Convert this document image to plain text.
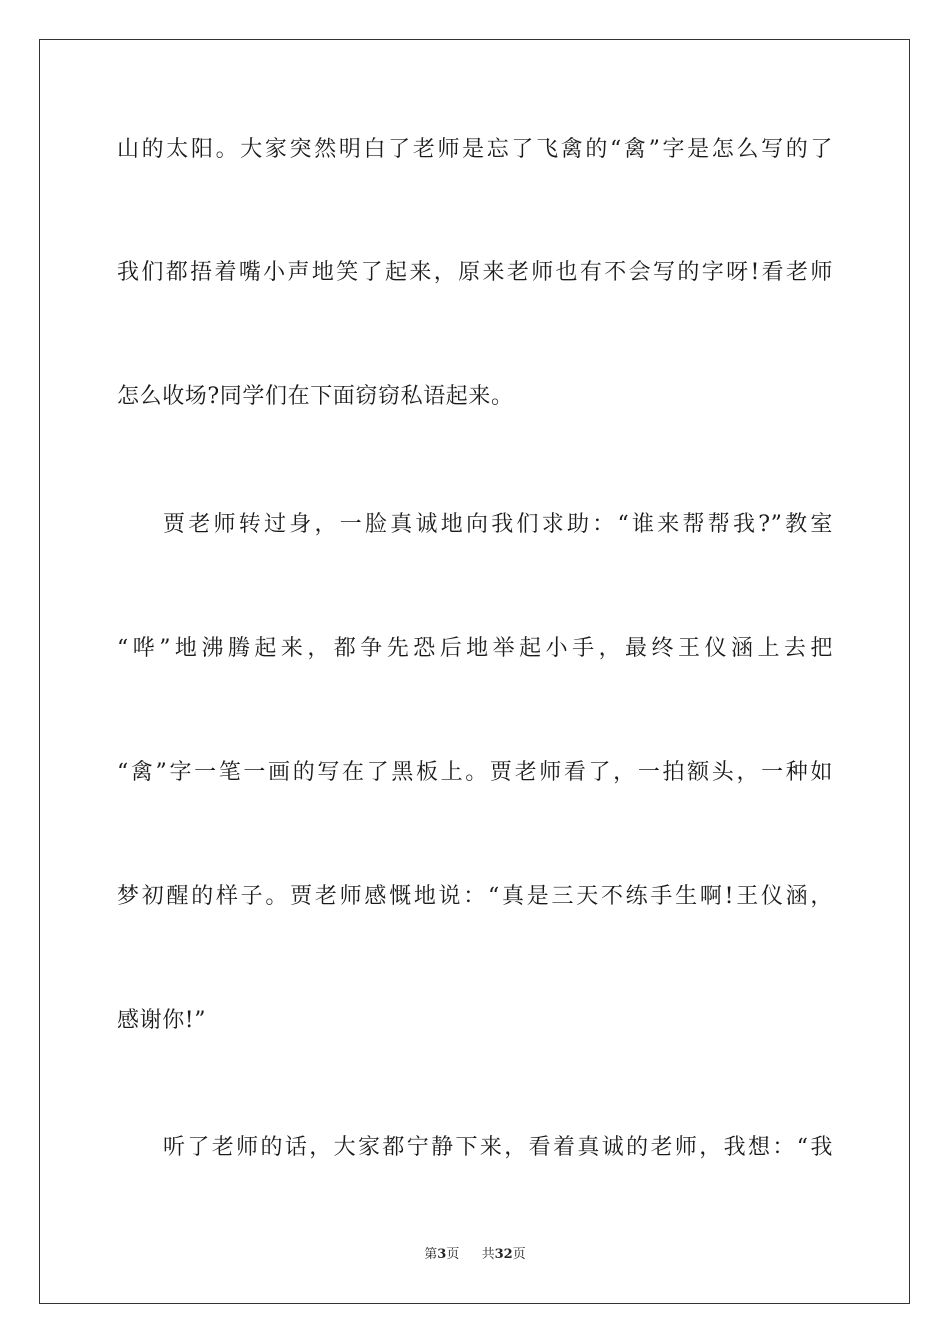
山的太阳。大家突然明白了老师是忘了飞禽的“禽”字是怎么写的了
我们都捂着嘴小声地笑了起来，原来老师也有不会写的字呀!看老师
怎么收场?同学们在下面窃窃私语起来。
贾老师转过身，一脸真诚地向我们求助：“谁来帮帮我?”教室
“哗”地沸腾起来，都争先恐后地举起小手，最终王仪涵上去把
“禽”字一笔一画的写在了黑板上。贾老师看了，一拍额头，一种如
梦初醒的样子。贾老师感慨地说：“真是三天不练手生啊!王仪涵，
感谢你!”
听了老师的话，大家都宁静下来，看着真诚的老师，我想：“我
第3页 共32页
